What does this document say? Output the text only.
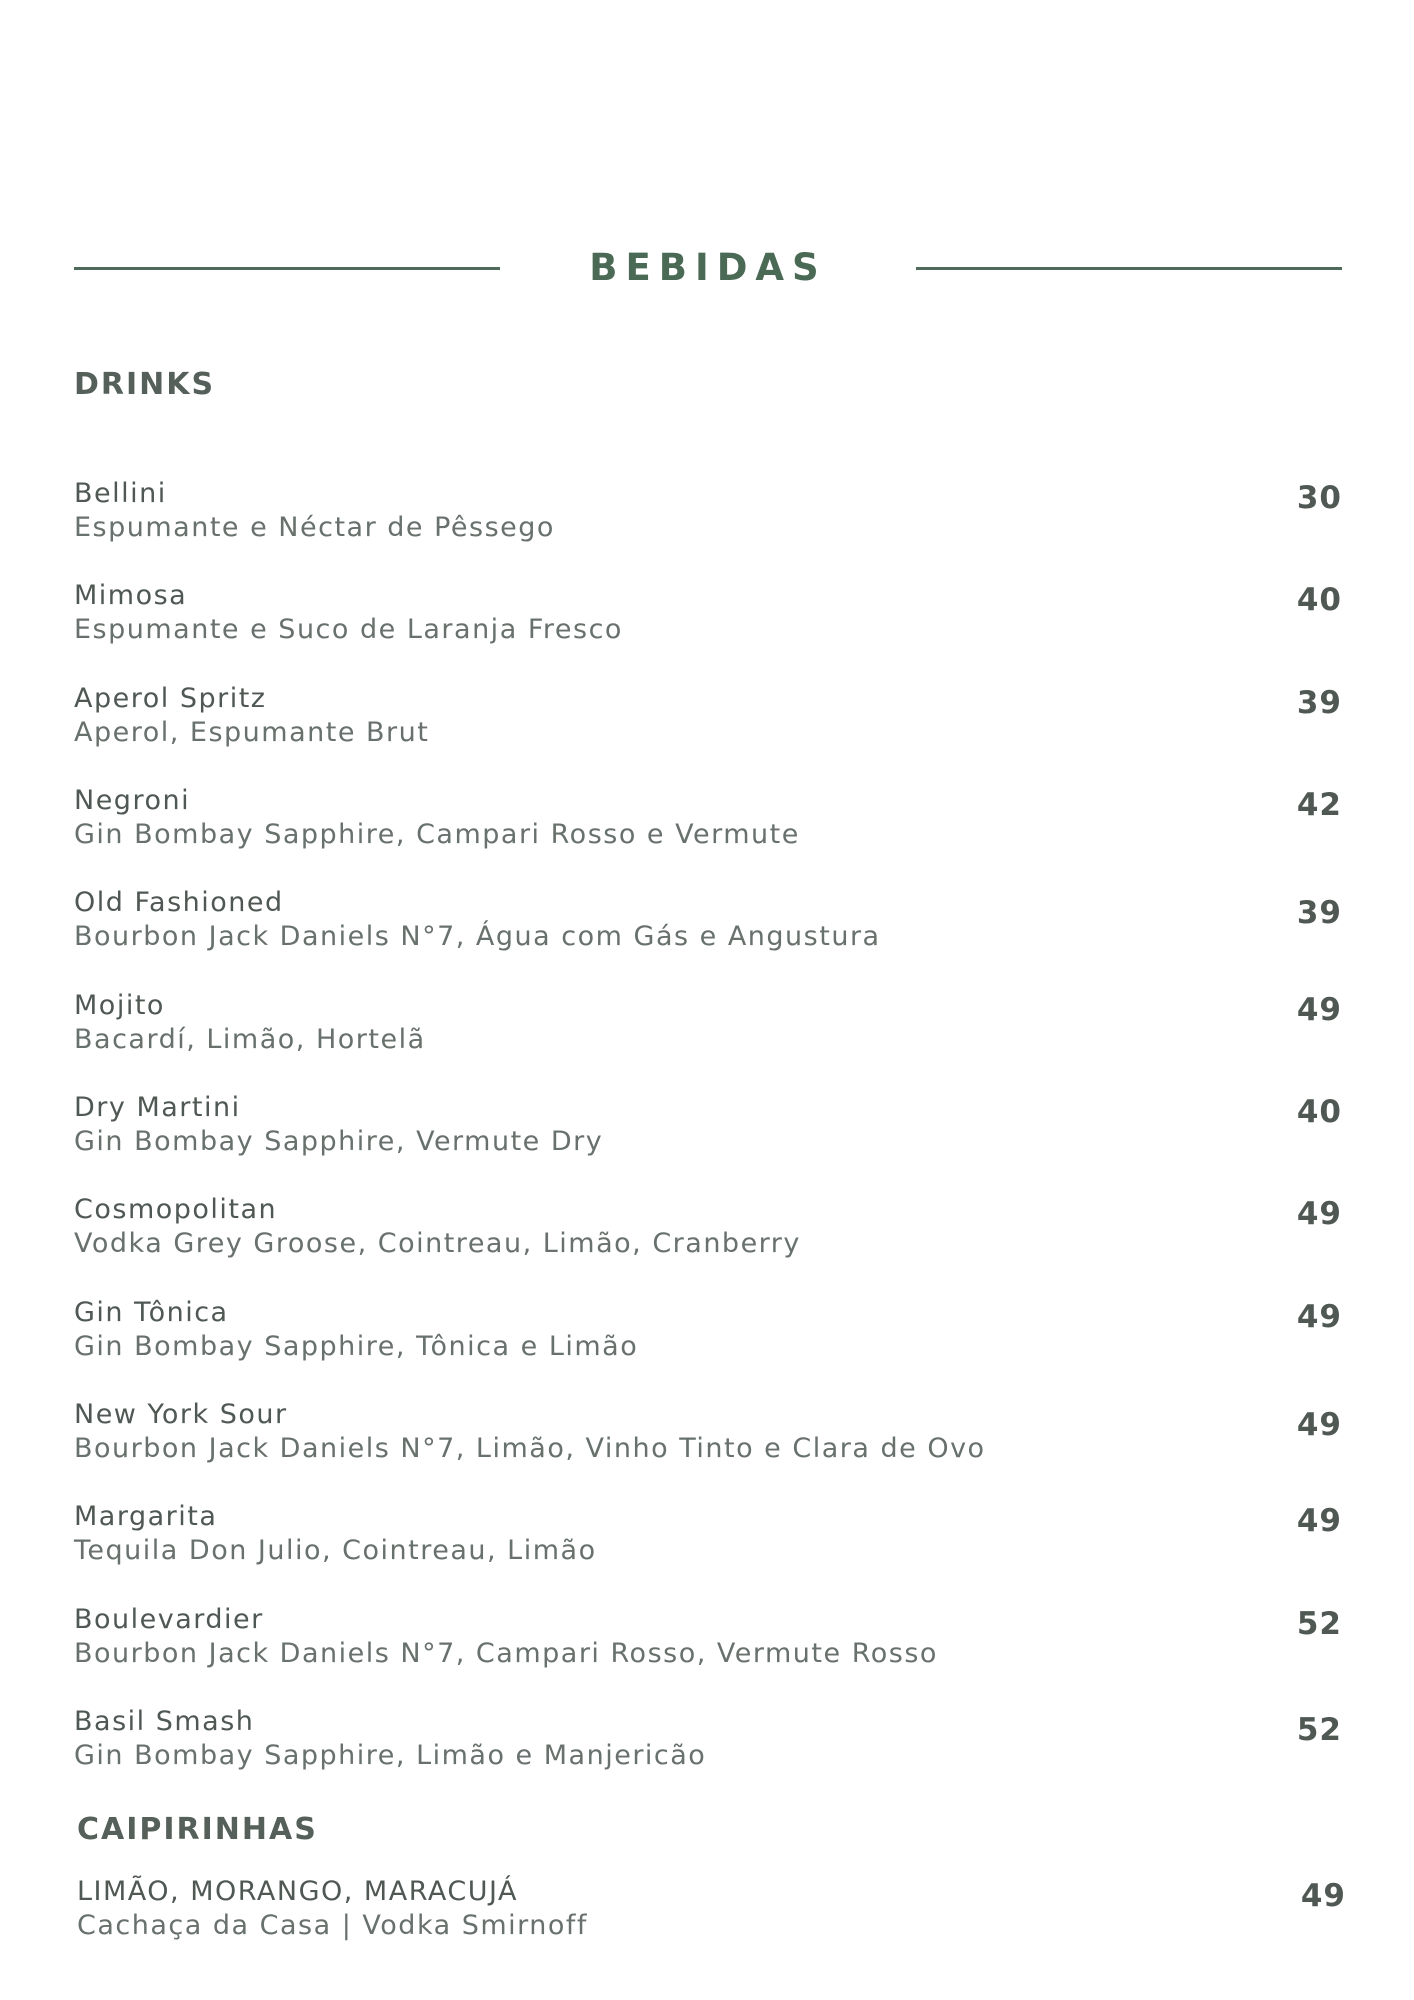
BEBIDAS
DRINKS
Bellini
Espumante e Néctar de Pêssego
30
Mimosa
Espumante e Suco de Laranja Fresco
40
Aperol Spritz
Aperol, Espumante Brut
39
Negroni
Gin Bombay Sapphire, Campari Rosso e Vermute
42
Old Fashioned
Bourbon Jack Daniels N°7, Água com Gás e Angustura
39
Mojito
Bacardí, Limão, Hortelã
49
Dry Martini
Gin Bombay Sapphire, Vermute Dry
40
Cosmopolitan
Vodka Grey Groose, Cointreau, Limão, Cranberry
49
Gin Tônica
Gin Bombay Sapphire, Tônica e Limão
49
New York Sour
Bourbon Jack Daniels N°7, Limão, Vinho Tinto e Clara de Ovo
49
Margarita
Tequila Don Julio, Cointreau, Limão
49
Boulevardier
Bourbon Jack Daniels N°7, Campari Rosso, Vermute Rosso
52
Basil Smash
Gin Bombay Sapphire, Limão e Manjericão
52
CAIPIRINHAS
LIMÃO, MORANGO, MARACUJÁ
Cachaça da Casa | Vodka Smirnoff
49
